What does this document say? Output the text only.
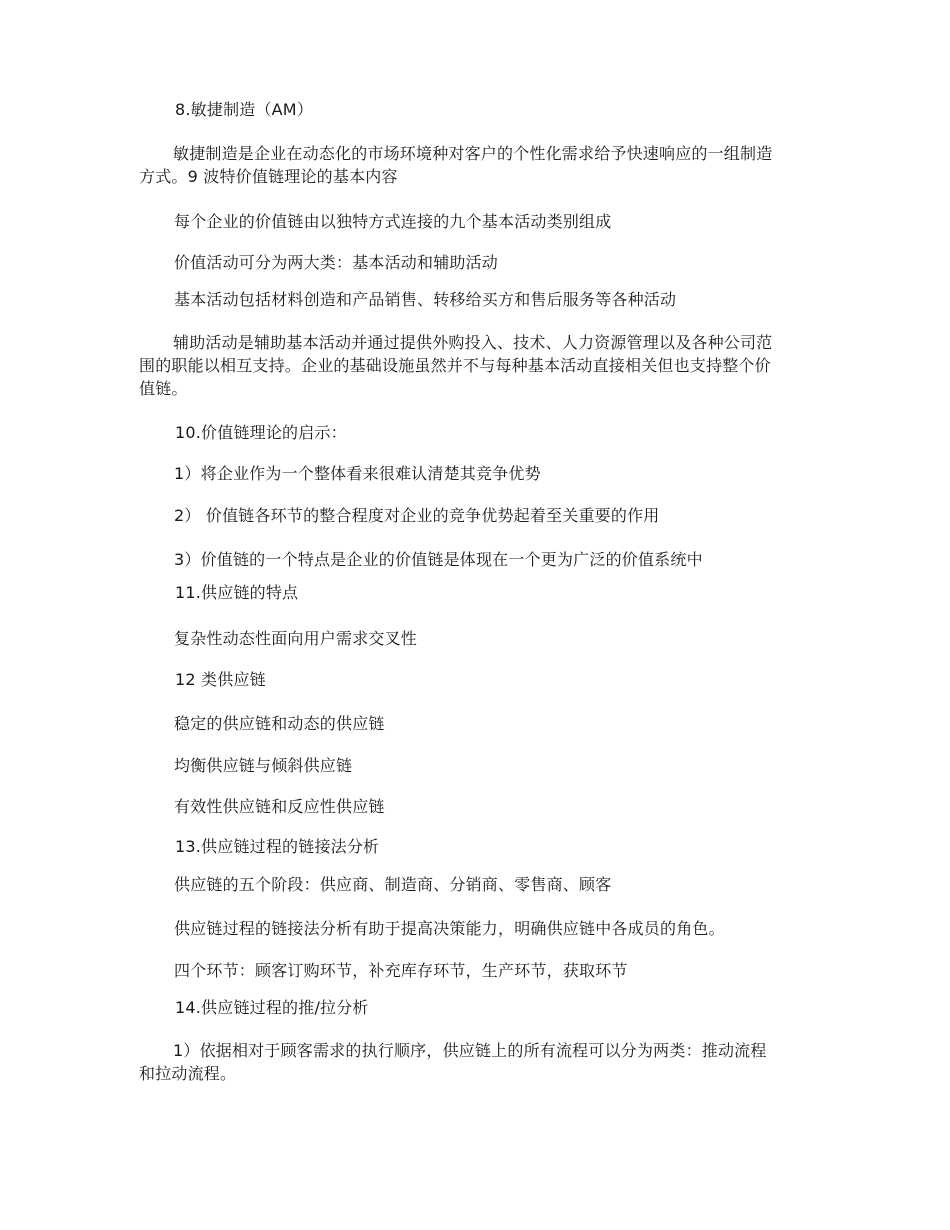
8.敏捷制造（AM）
敏捷制造是企业在动态化的市场环境种对客户的个性化需求给予快速响应的一组制造
方式。9 波特价值链理论的基本内容
每个企业的价值链由以独特方式连接的九个基本活动类别组成
价值活动可分为两大类：基本活动和辅助活动
基本活动包括材料创造和产品销售、转移给买方和售后服务等各种活动
辅助活动是辅助基本活动并通过提供外购投入、技术、人力资源管理以及各种公司范
围的职能以相互支持。企业的基础设施虽然并不与每种基本活动直接相关但也支持整个价
值链。
10.价值链理论的启示：
1）将企业作为一个整体看来很难认清楚其竞争优势
2） 价值链各环节的整合程度对企业的竞争优势起着至关重要的作用
3）价值链的一个特点是企业的价值链是体现在一个更为广泛的价值系统中
11.供应链的特点
复杂性动态性面向用户需求交叉性
12 类供应链
稳定的供应链和动态的供应链
均衡供应链与倾斜供应链
有效性供应链和反应性供应链
13.供应链过程的链接法分析
供应链的五个阶段：供应商、制造商、分销商、零售商、顾客
供应链过程的链接法分析有助于提高决策能力，明确供应链中各成员的角色。
四个环节：顾客订购环节，补充库存环节，生产环节，获取环节
14.供应链过程的推/拉分析
1）依据相对于顾客需求的执行顺序，供应链上的所有流程可以分为两类：推动流程
和拉动流程。
